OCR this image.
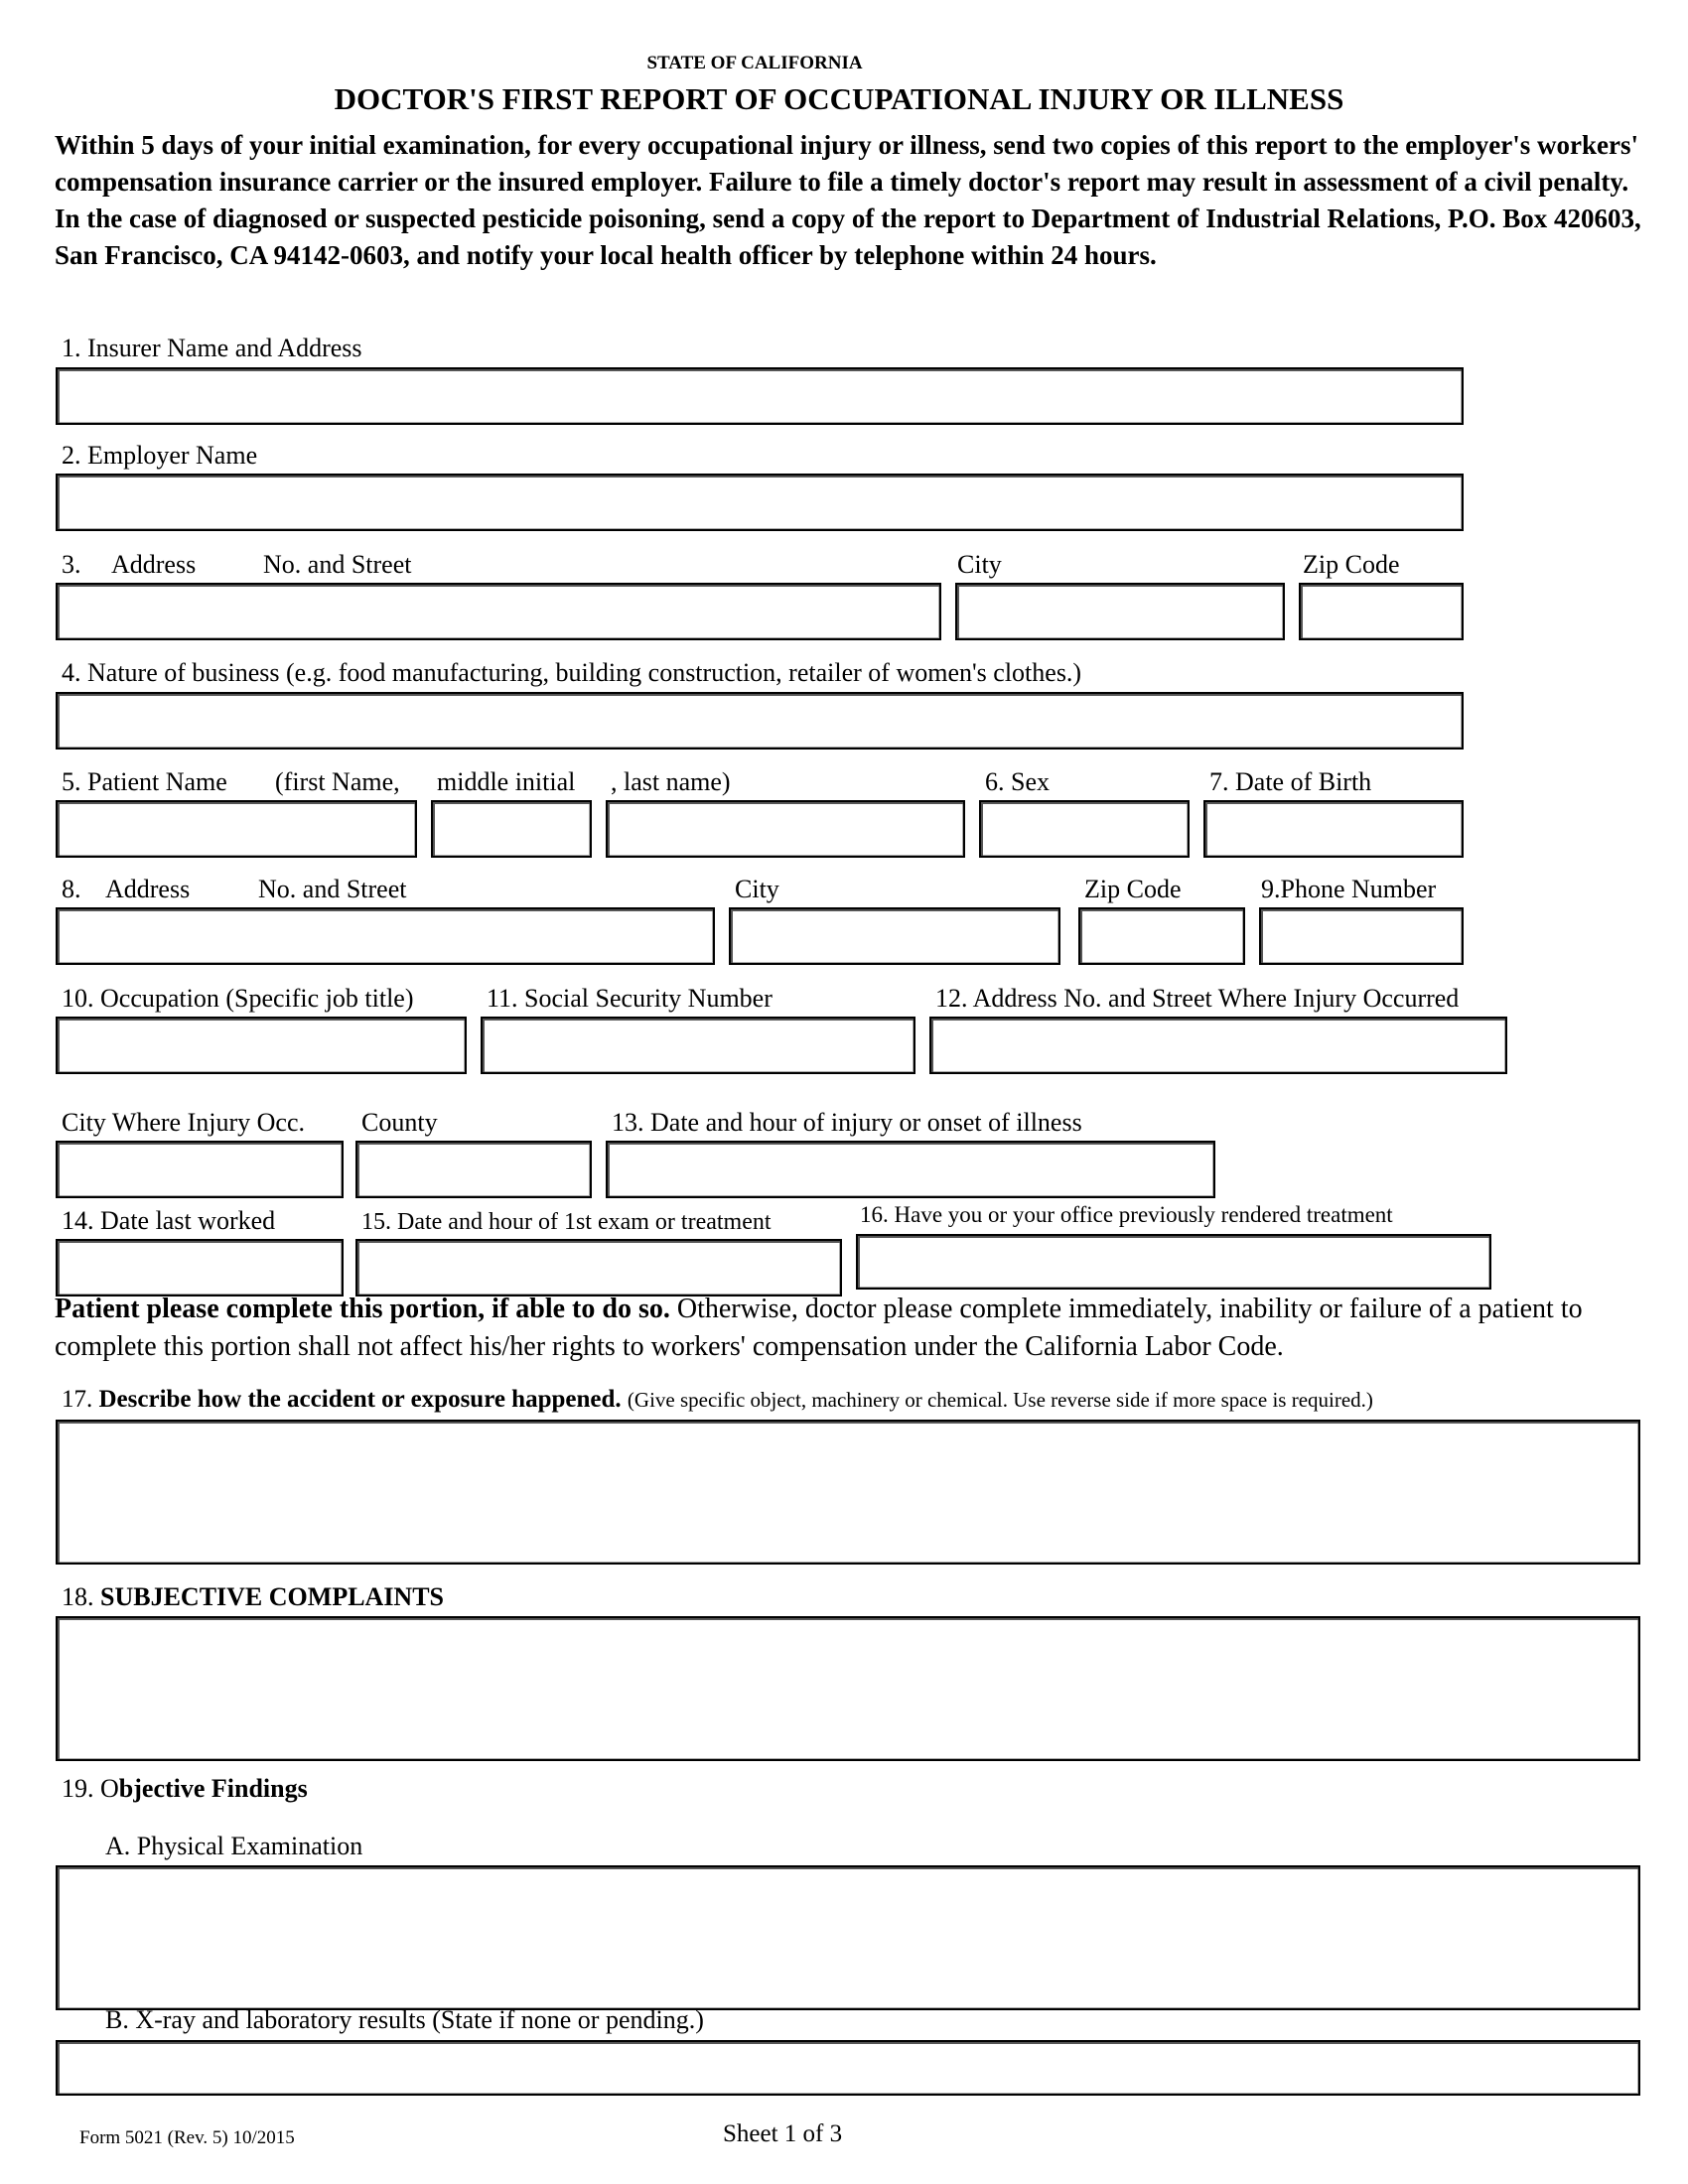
STATE OF CALIFORNIA
DOCTOR'S FIRST REPORT OF OCCUPATIONAL INJURY OR ILLNESS
Within 5 days of your initial examination, for every occupational injury or illness, send two copies of this report to the employer's workers' compensation insurance carrier or the insured employer. Failure to file a timely doctor's report may result in assessment of a civil penalty. In the case of diagnosed or suspected pesticide poisoning, send a copy of the report to Department of Industrial Relations, P.O. Box 420603, San Francisco, CA 94142-0603, and notify your local health officer by telephone within 24 hours.
1. Insurer Name and Address
2. Employer Name
3. Address	No. and Street	City	Zip Code
4. Nature of business (e.g. food manufacturing, building construction, retailer of women's clothes.)
5. Patient Name (first Name, middle initial , last name)	6. Sex	7. Date of Birth
8. Address	No. and Street	City	Zip Code	9.Phone Number
10. Occupation (Specific job title)	11. Social Security Number	12. Address No. and Street Where Injury Occurred
City Where Injury Occ. County	13. Date and hour of injury or onset of illness
14. Date last worked	15. Date and hour of 1st exam or treatment	16. Have you or your office previously rendered treatment
Patient please complete this portion, if able to do so. Otherwise, doctor please complete immediately, inability or failure of a patient to complete this portion shall not affect his/her rights to workers' compensation under the California Labor Code.
17. Describe how the accident or exposure happened. (Give specific object, machinery or chemical. Use reverse side if more space is required.)
18. SUBJECTIVE COMPLAINTS
19. Objective Findings
A. Physical Examination
B. X-ray and laboratory results (State if none or pending.)
Form 5021 (Rev. 5) 10/2015	Sheet 1 of 3
